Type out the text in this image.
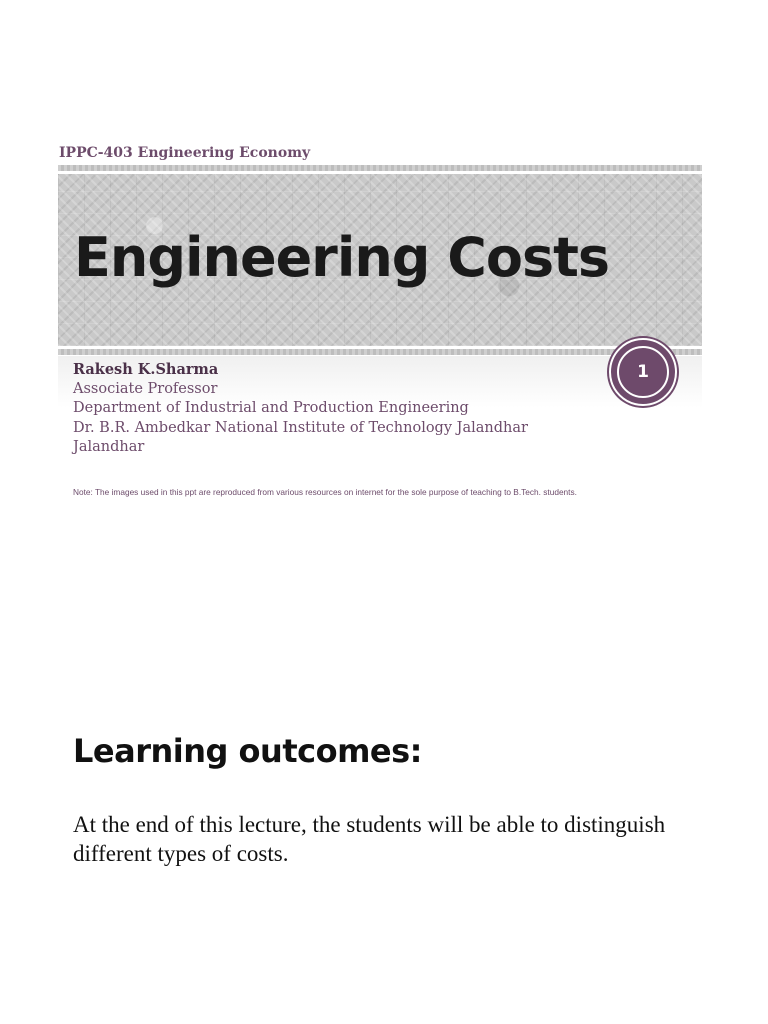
IPPC-403 Engineering Economy
Engineering Costs
1
Rakesh K.Sharma
Associate Professor
Department of Industrial and Production Engineering
Dr. B.R. Ambedkar National Institute of Technology Jalandhar
Jalandhar
Note: The images used in this ppt are reproduced from various resources on internet for the sole purpose of teaching to B.Tech. students.
Learning outcomes:

At the end of this lecture, the students will be able to distinguish different types of costs.
